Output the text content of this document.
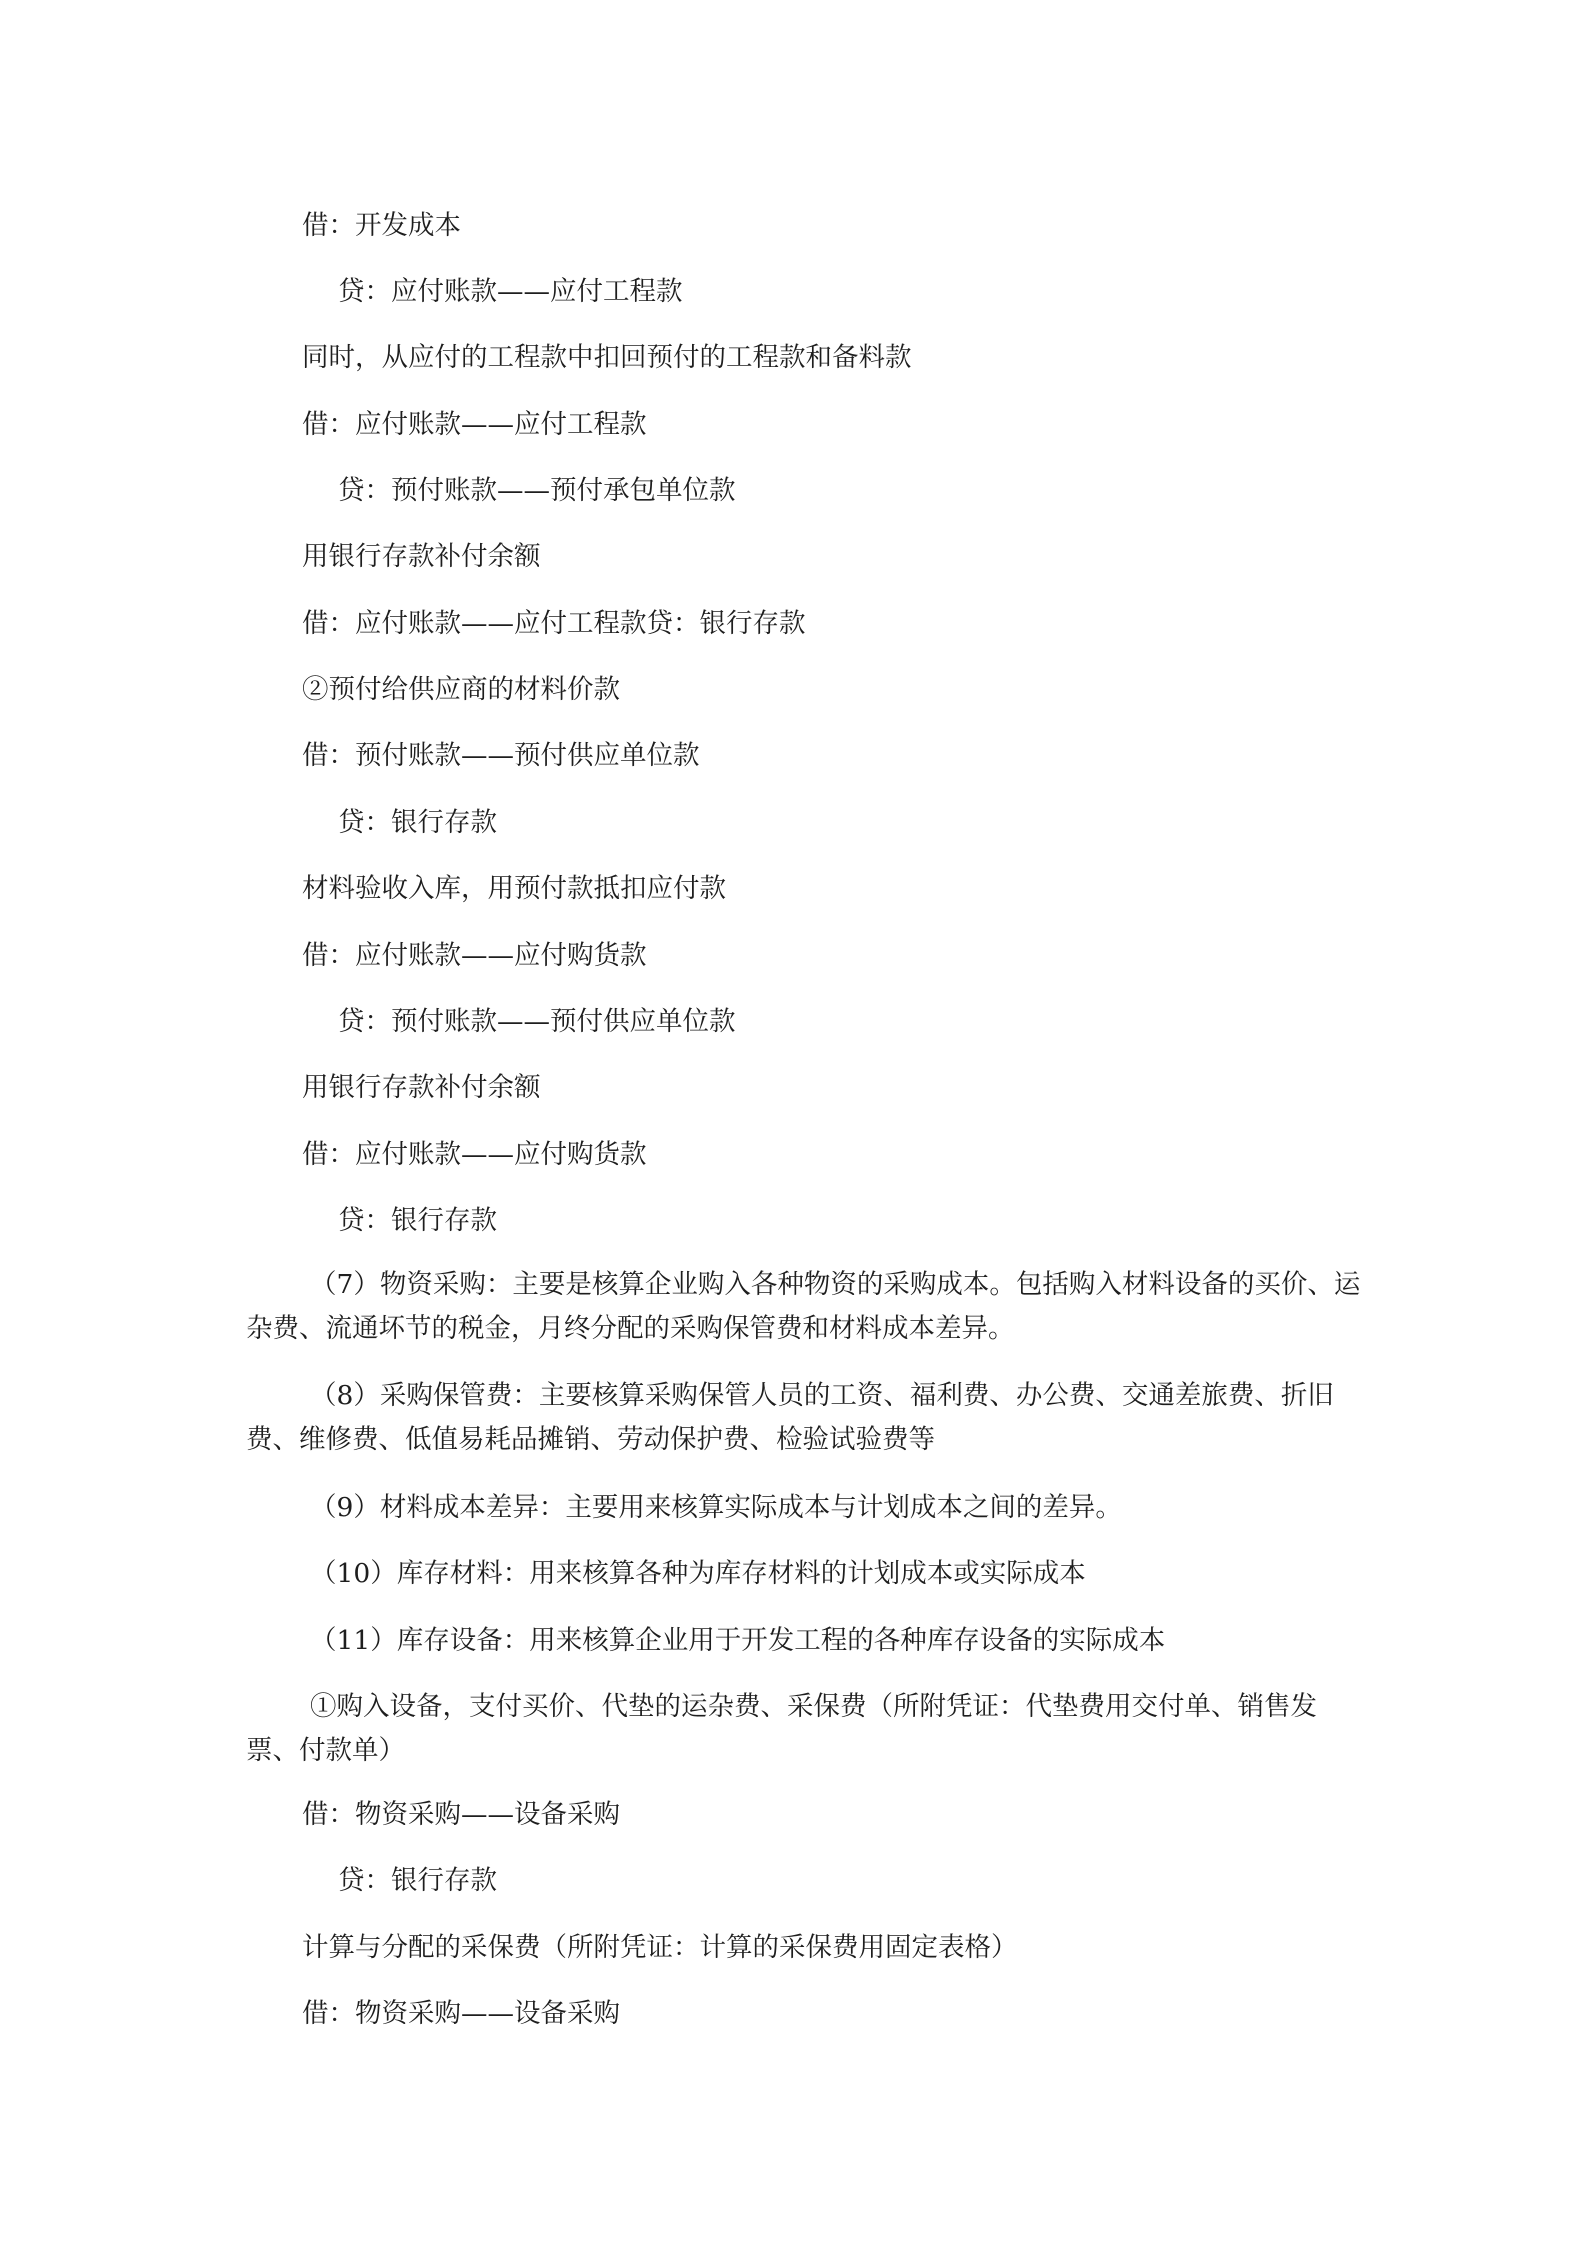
借：开发成本

贷：应付账款——应付工程款

同时，从应付的工程款中扣回预付的工程款和备料款

借：应付账款——应付工程款

贷：预付账款——预付承包单位款

用银行存款补付余额

借：应付账款——应付工程款贷：银行存款

②预付给供应商的材料价款

借：预付账款——预付供应单位款

贷：银行存款

材料验收入库，用预付款抵扣应付款

借：应付账款——应付购货款

贷：预付账款——预付供应单位款

用银行存款补付余额

借：应付账款——应付购货款

贷：银行存款

（7）物资采购：主要是核算企业购入各种物资的采购成本。包括购入材料设备的买价、运杂费、流通坏节的税金，月终分配的采购保管费和材料成本差异。

（8）采购保管费：主要核算采购保管人员的工资、福利费、办公费、交通差旅费、折旧费、维修费、低值易耗品摊销、劳动保护费、检验试验费等

（9）材料成本差异：主要用来核算实际成本与计划成本之间的差异。

（10）库存材料：用来核算各种为库存材料的计划成本或实际成本

（11）库存设备：用来核算企业用于开发工程的各种库存设备的实际成本

①购入设备，支付买价、代垫的运杂费、采保费（所附凭证：代垫费用交付单、销售发票、付款单）

借：物资采购——设备采购

贷：银行存款

计算与分配的采保费（所附凭证：计算的采保费用固定表格）

借：物资采购——设备采购
